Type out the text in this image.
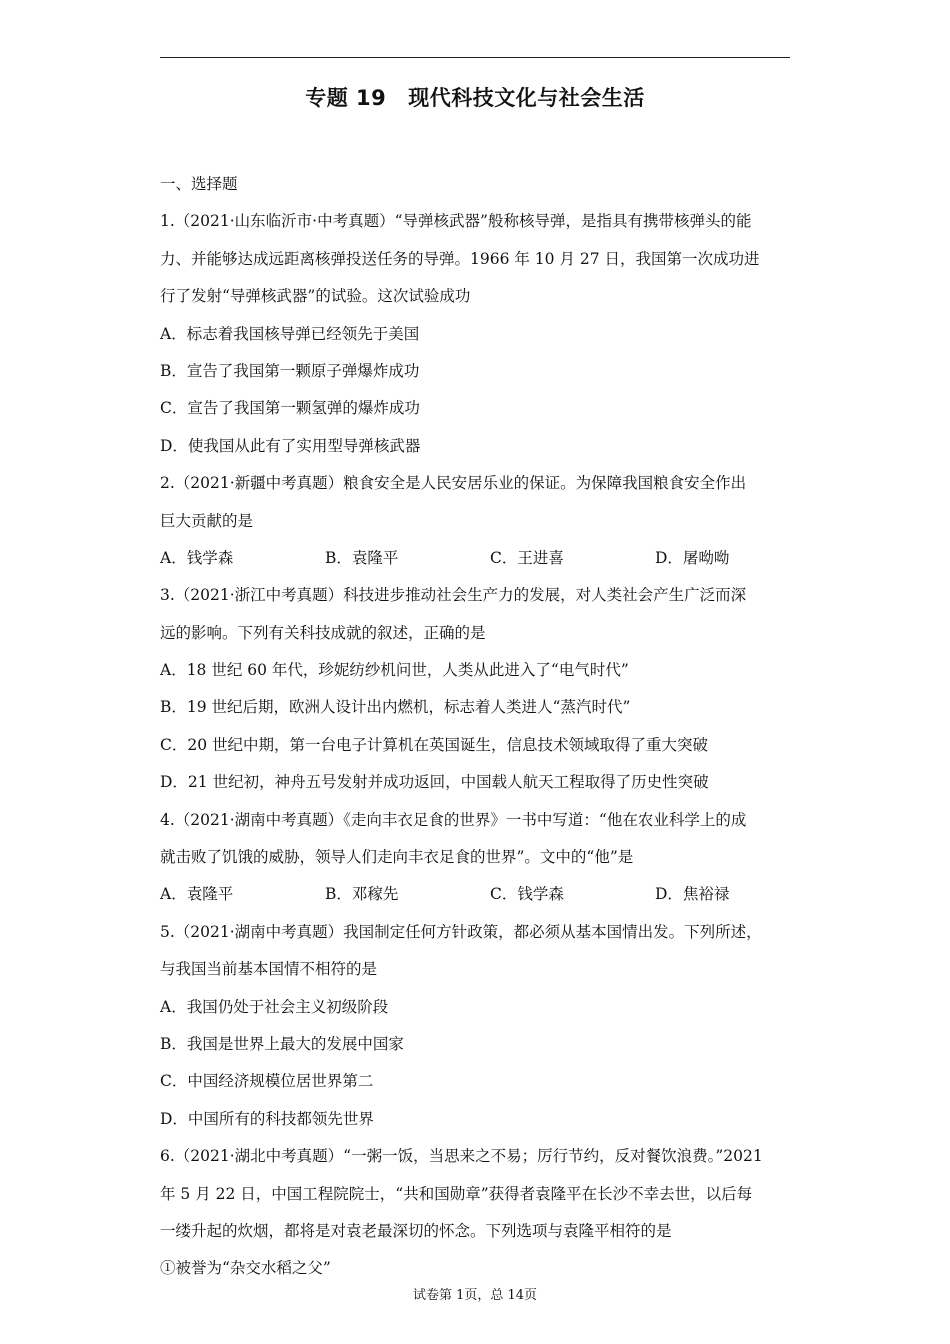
专题 19 现代科技文化与社会生活
一、选择题
1.（2021·山东临沂市·中考真题）“导弹核武器”般称核导弹，是指具有携带核弹头的能
力、并能够达成远距离核弹投送任务的导弹。1966 年 10 月 27 日，我国第一次成功进
行了发射“导弹核武器”的试验。这次试验成功
A．标志着我国核导弹已经领先于美国
B．宣告了我国第一颗原子弹爆炸成功
C．宣告了我国第一颗氢弹的爆炸成功
D．使我国从此有了实用型导弹核武器
2.（2021·新疆中考真题）粮食安全是人民安居乐业的保证。为保障我国粮食安全作出
巨大贡献的是
A．钱学森	B．袁隆平	C．王进喜	D．屠呦呦
3.（2021·浙江中考真题）科技进步推动社会生产力的发展，对人类社会产生广泛而深
远的影响。下列有关科技成就的叙述，正确的是
A．18 世纪 60 年代，珍妮纺纱机问世，人类从此进入了“电气时代”
B．19 世纪后期，欧洲人设计出内燃机，标志着人类进人“蒸汽时代”
C．20 世纪中期，第一台电子计算机在英国诞生，信息技术领域取得了重大突破
D．21 世纪初，神舟五号发射并成功返回，中国载人航天工程取得了历史性突破
4.（2021·湖南中考真题）《走向丰衣足食的世界》一书中写道：“他在农业科学上的成
就击败了饥饿的威胁，领导人们走向丰衣足食的世界”。文中的“他”是
A．袁隆平	B．邓稼先	C．钱学森	D．焦裕禄
5.（2021·湖南中考真题）我国制定任何方针政策，都必须从基本国情出发。下列所述，
与我国当前基本国情不相符的是
A．我国仍处于社会主义初级阶段
B．我国是世界上最大的发展中国家
C．中国经济规模位居世界第二
D．中国所有的科技都领先世界
6.（2021·湖北中考真题）“一粥一饭，当思来之不易；厉行节约，反对餐饮浪费。”2021
年 5 月 22 日，中国工程院院士，“共和国勋章”获得者袁隆平在长沙不幸去世，以后每
一缕升起的炊烟，都将是对袁老最深切的怀念。下列选项与袁隆平相符的是
①被誉为“杂交水稻之父”
试卷第 1页，总 14页
